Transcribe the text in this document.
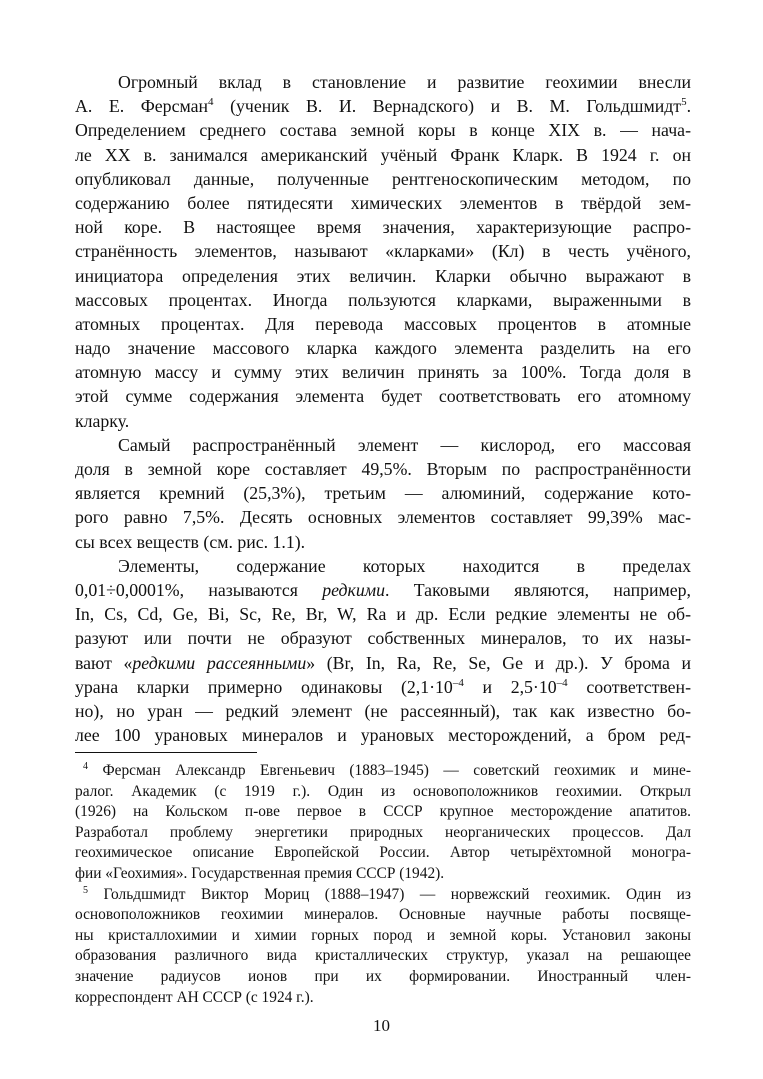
Огромный вклад в становление и развитие геохимии внесли
А. Е. Ферсман$^4$ (ученик В. И. Вернадского) и В. М. Гольдшмидт$^5$.
Определением среднего состава земной коры в конце XIX в. — нача-
ле XX в. занимался американский учёный Франк Кларк. В 1924 г. он
опубликовал данные, полученные рентгеноскопическим методом, по
содержанию более пятидесяти химических элементов в твёрдой зем-
ной коре. В настоящее время значения, характеризующие распро-
странённость элементов, называют «кларками» (Кл) в честь учёного,
инициатора определения этих величин. Кларки обычно выражают в
массовых процентах. Иногда пользуются кларками, выраженными в
атомных процентах. Для перевода массовых процентов в атомные
надо значение массового кларка каждого элемента разделить на его
атомную массу и сумму этих величин принять за 100%. Тогда доля в
этой сумме содержания элемента будет соответствовать его атомному
кларку.
Самый распространённый элемент — кислород, его массовая
доля в земной коре составляет 49,5%. Вторым по распространённости
является кремний (25,3%), третьим — алюминий, содержание кото-
рого равно 7,5%. Десять основных элементов составляет 99,39% мас-
сы всех веществ (см. рис. 1.1).
Элементы, содержание которых находится в пределах
0,01÷0,0001%, называются редкими. Таковыми являются, например,
In, Cs, Cd, Ge, Bi, Sc, Re, Br, W, Ra и др. Если редкие элементы не об-
разуют или почти не образуют собственных минералов, то их назы-
вают «редкими рассеянными» (Br, In, Ra, Re, Se, Ge и др.). У брома и
урана кларки примерно одинаковы ($2,1\cdot 10^{-4}$ и $2,5\cdot 10^{-4}$ соответствен-
но), но уран — редкий элемент (не рассеянный), так как известно бо-
лее 100 урановых минералов и урановых месторождений, а бром ред-
$^4$ Ферсман Александр Евгеньевич (1883–1945) — советский геохимик и мине-
ралог. Академик (с 1919 г.). Один из основоположников геохимии. Открыл
(1926) на Кольском п-ове первое в СССР крупное месторождение апатитов.
Разработал проблему энергетики природных неорганических процессов. Дал
геохимическое описание Европейской России. Автор четырёхтомной моногра-
фии «Геохимия». Государственная премия СССР (1942).
$^5$ Гольдшмидт Виктор Мориц (1888–1947) — норвежский геохимик. Один из
основоположников геохимии минералов. Основные научные работы посвяще-
ны кристаллохимии и химии горных пород и земной коры. Установил законы
образования различного вида кристаллических структур, указал на решающее
значение радиусов ионов при их формировании. Иностранный член-
корреспондент АН СССР (с 1924 г.).
10
